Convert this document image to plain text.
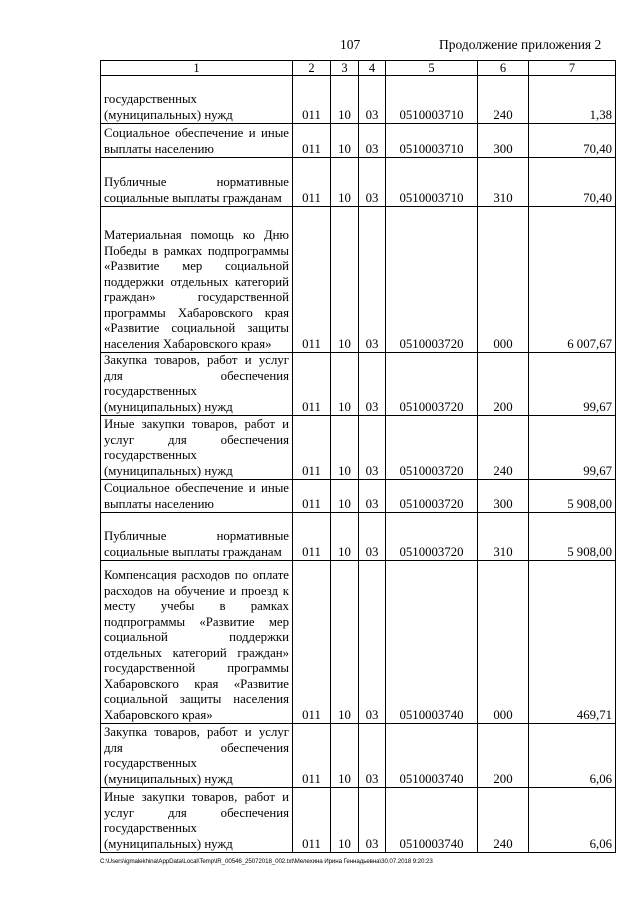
107	Продолжение приложения 2
1	2	3	4	5	6	7
государственных (муниципальных) нужд	011	10	03	0510003710	240	1,38
Социальное обеспечение и иные выплаты населению	011	10	03	0510003710	300	70,40
Публичные нормативные социальные выплаты гражданам	011	10	03	0510003710	310	70,40
Материальная помощь ко Дню Победы в рамках подпрограммы «Развитие мер социальной поддержки отдельных категорий граждан» государственной программы Хабаровского края «Развитие социальной защиты населения Хабаровского края»	011	10	03	0510003720	000	6 007,67
Закупка товаров, работ и услуг для обеспечения государственных (муниципальных) нужд	011	10	03	0510003720	200	99,67
Иные закупки товаров, работ и услуг для обеспечения государственных (муниципальных) нужд	011	10	03	0510003720	240	99,67
Социальное обеспечение и иные выплаты населению	011	10	03	0510003720	300	5 908,00
Публичные нормативные социальные выплаты гражданам	011	10	03	0510003720	310	5 908,00
Компенсация расходов по оплате расходов на обучение и проезд к месту учебы в рамках подпрограммы «Развитие мер социальной поддержки отдельных категорий граждан» государственной программы Хабаровского края «Развитие социальной защиты населения Хабаровского края»	011	10	03	0510003740	000	469,71
Закупка товаров, работ и услуг для обеспечения государственных (муниципальных) нужд	011	10	03	0510003740	200	6,06
Иные закупки товаров, работ и услуг для обеспечения государственных (муниципальных) нужд	011	10	03	0510003740	240	6,06
C:\Users\igmalekhina\AppData\Local\Temp\IR_00546_25072018_002.txt\Мелехина Ирина Геннадьевна\30.07.2018 9:20:23
